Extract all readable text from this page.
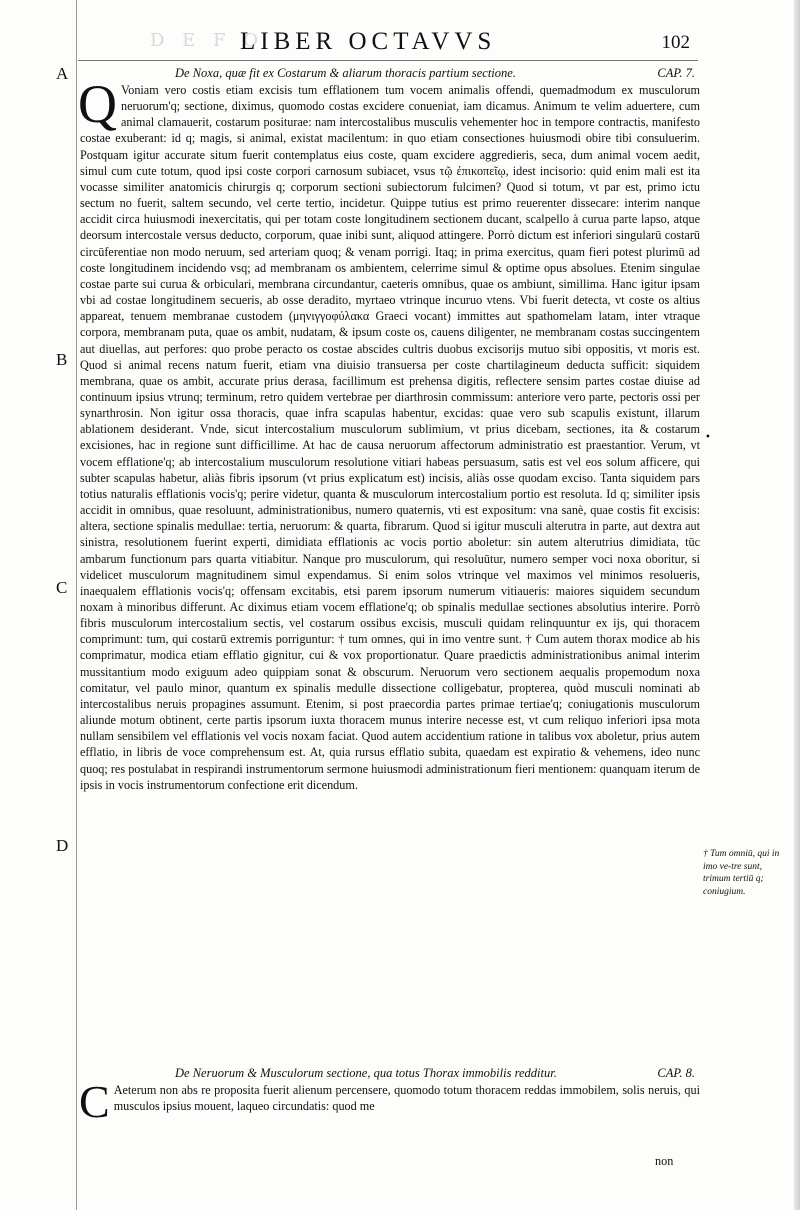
D E F O
LIBER OCTAVVS	102
A
B
C
D
De Noxa, quæ fit ex Costarum & aliarum thoracis partium sectione.	CAP. 7.
Q Voniam vero costis etiam excisis tum efflationem tum vocem animalis offendi, quemadmodum ex musculorum neruorum'q; sectione, diximus, quomodo costas excidere conueniat, iam dicamus. Animum te velim aduertere, cum animal clamauerit, costarum positurae: nam intercostalibus musculis vehementer hoc in tempore contractis, manifesto costae exuberant: id q; magis, si animal, existat macilentum: in quo etiam consectiones huiusmodi obire tibi consuluerim. Postquam igitur accurate situm fuerit contemplatus eius coste, quam excidere aggredieris, seca, dum animal vocem aedit, simul cum cute totum, quod ipsi coste corpori carnosum subiacet, vsus τῷ ἐπικοπεῖῳ, idest incisorio: quid enim mali est ita vocasse similiter anatomicis chirurgis q; corporum sectioni subiectorum fulcimen? Quod si totum, vt par est, primo ictu sectum no fuerit, saltem secundo, vel certe tertio, incidetur. Quippe tutius est primo reuerenter dissecare: interim nanque accidit circa huiusmodi inexercitatis, qui per totam coste longitudinem sectionem ducant, scalpello à curua parte lapso, atque deorsum intercostale versus deducto, corporum, quae inibi sunt, aliquod attingere. Porrò dictum est inferiori singularū costarū circūferentiae non modo neruum, sed arteriam quoq; & venam porrigi. Itaq; in prima exercitus, quam fieri potest plurimū ad coste longitudinem incidendo vsq; ad membranam os ambientem, celerrime simul & optime opus absolues. Etenim singulae costae parte sui curua & orbiculari, membrana circundantur, caeteris omnibus, quae os ambiunt, simillima. Hanc igitur ipsam vbi ad costae longitudinem secueris, ab osse deradito, myrtaeo vtrinque incuruo vtens. Vbi fuerit detecta, vt coste os altius appareat, tenuem membranae custodem (μηνιγγοφύλακα Graeci vocant) immittes aut spathomelam latam, inter vtraque corpora, membranam puta, quae os ambit, nudatam, & ipsum coste os, cauens diligenter, ne membranam costas succingentem aut diuellas, aut perfores: quo probe peracto os costae abscides cultris duobus excisorijs mutuo sibi oppositis, vt moris est. Quod si animal recens natum fuerit, etiam vna diuisio transuersa per coste chartilagineum deducta sufficit: siquidem membrana, quae os ambit, accurate prius derasa, facillimum est prehensa digitis, reflectere sensim partes costae diuise ad continuum ipsius vtrunq; terminum, retro quidem vertebrae per diarthrosin commissum: anteriore vero parte, pectoris ossi per synarthrosin. Non igitur ossa thoracis, quae infra scapulas habentur, excidas: quae vero sub scapulis existunt, illarum ablationem desiderant. Vnde, sicut intercostalium musculorum sublimium, vt prius dicebam, sectiones, ita & costarum excisiones, hac in regione sunt difficillime. At hac de causa neruorum affectorum administratio est praestantior. Verum, vt vocem efflatione'q; ab intercostalium musculorum resolutione vitiari habeas persuasum, satis est vel eos solum afficere, qui subter scapulas habetur, aliàs fibris ipsorum (vt prius explicatum est) incisis, aliàs osse quodam exciso. Tanta siquidem pars totius naturalis efflationis vocis'q; perire videtur, quanta & musculorum intercostalium portio est resoluta. Id q; similiter ipsis accidit in omnibus, quae resoluunt, administrationibus, numero quaternis, vti est expositum: vna sanè, quae costis fit excisis: altera, sectione spinalis medullae: tertia, neruorum: & quarta, fibrarum. Quod si igitur musculi alterutra in parte, aut dextra aut sinistra, resolutionem fuerint experti, dimidiata efflationis ac vocis portio aboletur: sin autem alterutrius dimidiata, tūc ambarum functionum pars quarta vitiabitur. Nanque pro musculorum, qui resoluūtur, numero semper voci noxa oboritur, si videlicet musculorum magnitudinem simul expendamus. Si enim solos vtrinque vel maximos vel minimos resolueris, inaequalem efflationis vocis'q; offensam excitabis, etsi parem ipsorum numerum vitiaueris: maiores siquidem secundum noxam à minoribus differunt. Ac diximus etiam vocem efflatione'q; ob spinalis medullae sectiones absolutius interire. Porrò fibris musculorum intercostalium sectis, vel costarum ossibus excisis, musculi quidam relinquuntur ex ijs, qui thoracem comprimunt: tum, qui costarū extremis porriguntur: † tum omnes, qui in imo ventre sunt. † Cum autem thorax modice ab his comprimatur, modica etiam efflatio gignitur, cui & vox proportionatur. Quare praedictis administrationibus animal interim mussitantium modo exiguum adeo quippiam sonat & obscurum. Neruorum vero sectionem aequalis propemodum noxa comitatur, vel paulo minor, quantum ex spinalis medulle dissectione colligebatur, propterea, quòd musculi nominati ab intercostalibus neruis propagines assumunt. Etenim, si post praecordia partes primae tertiae'q; coniugationis musculorum aliunde motum obtinent, certe partis ipsorum iuxta thoracem munus interire necesse est, vt cum reliquo inferiori ipsa mota nullam sensibilem vel efflationis vel vocis noxam faciat. Quod autem accidentium ratione in talibus vox aboletur, prius autem efflatio, in libris de voce comprehensum est. At, quia rursus efflatio subita, quaedam est expiratio & vehemens, ideo nunc quoq; res postulabat in respirandi instrumentorum sermone huiusmodi administrationum fieri mentionem: quanquam iterum de ipsis in vocis instrumentorum confectione erit dicendum.
De Neruorum & Musculorum sectione, qua totus Thorax immobilis redditur.	CAP. 8.
C Aeterum non abs re proposita fuerit alienum percensere, quomodo totum thoracem reddas immobilem, solis neruis, qui musculos ipsius mouent, laqueo circundatis: quod me
non
•
† Tum omniū, qui in imo ve-tre sunt, trimum tertiū q; coniugium.
